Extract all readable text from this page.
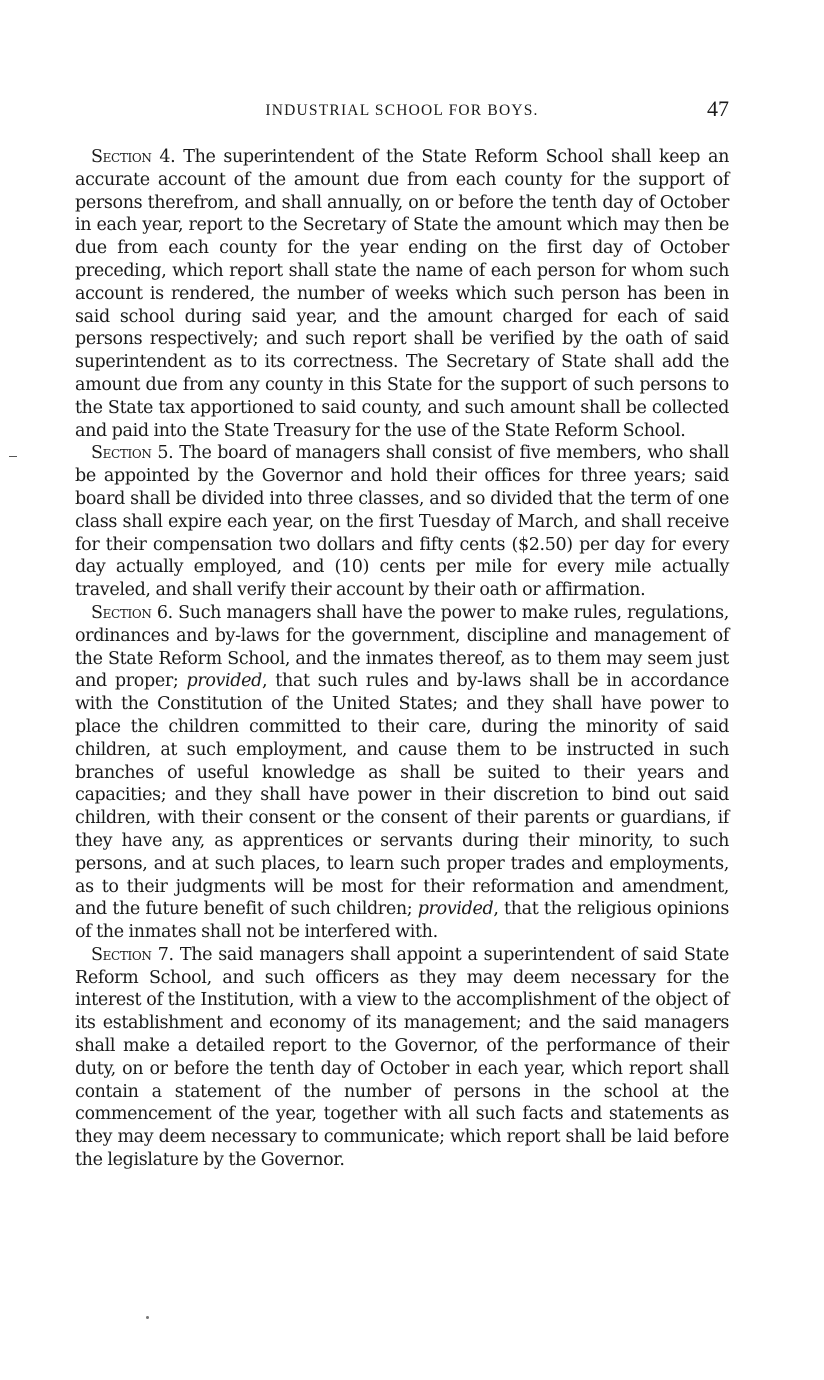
INDUSTRIAL SCHOOL FOR BOYS.	47

Section 4. The superintendent of the State Reform School shall keep an accurate account of the amount due from each county for the support of persons therefrom, and shall annually, on or before the tenth day of October in each year, report to the Secretary of State the amount which may then be due from each county for the year ending on the first day of October preceding, which report shall state the name of each person for whom such account is rendered, the number of weeks which such person has been in said school during said year, and the amount charged for each of said persons respectively; and such report shall be verified by the oath of said superintendent as to its correctness. The Secretary of State shall add the amount due from any county in this State for the support of such persons to the State tax apportioned to said county, and such amount shall be collected and paid into the State Treasury for the use of the State Reform School.

Section 5. The board of managers shall consist of five members, who shall be appointed by the Governor and hold their offices for three years; said board shall be divided into three classes, and so divided that the term of one class shall expire each year, on the first Tuesday of March, and shall receive for their compensation two dollars and fifty cents ($2.50) per day for every day actually employed, and (10) cents per mile for every mile actually traveled, and shall verify their account by their oath or affirmation.

Section 6. Such managers shall have the power to make rules, regulations, ordinances and by-laws for the government, discipline and management of the State Reform School, and the inmates thereof, as to them may seem just and proper; provided, that such rules and by-laws shall be in accordance with the Constitution of the United States; and they shall have power to place the children committed to their care, during the minority of said children, at such employment, and cause them to be instructed in such branches of useful knowledge as shall be suited to their years and capacities; and they shall have power in their discretion to bind out said children, with their consent or the consent of their parents or guardians, if they have any, as apprentices or servants during their minority, to such persons, and at such places, to learn such proper trades and employments, as to their judgments will be most for their reformation and amendment, and the future benefit of such children; provided, that the religious opinions of the inmates shall not be interfered with.

Section 7. The said managers shall appoint a superintendent of said State Reform School, and such officers as they may deem necessary for the interest of the Institution, with a view to the accomplishment of the object of its establishment and economy of its management; and the said managers shall make a detailed report to the Governor, of the performance of their duty, on or before the tenth day of October in each year, which report shall contain a statement of the number of persons in the school at the commencement of the year, together with all such facts and statements as they may deem necessary to communicate; which report shall be laid before the legislature by the Governor.
